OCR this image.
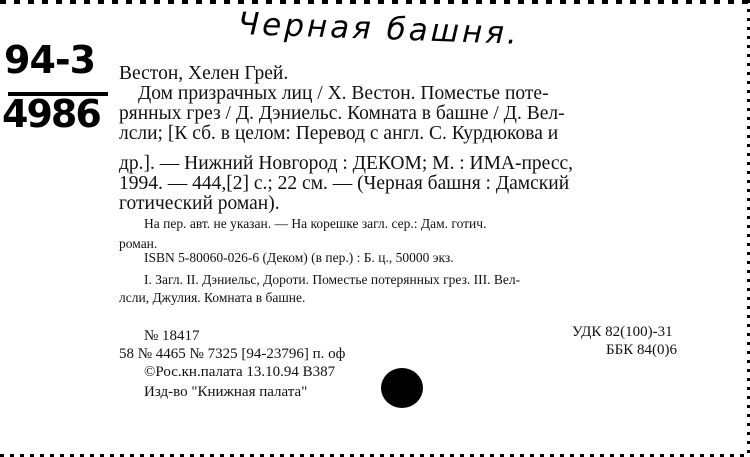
Черная башня.
94-3
4986
Вестон, Хелен Грей.
Дом призрачных лиц / Х. Вестон. Поместье поте-
рянных грез / Д. Дэниельс. Комната в башне / Д. Вел-
лсли; [К сб. в целом: Перевод с англ. С. Курдюкова и
др.]. — Нижний Новгород : ДЕКОМ; М. : ИМА-пресс,
1994. — 444,[2] с.; 22 см. — (Черная башня : Дамский
готический роман).
На пер. авт. не указан. — На корешке загл. сер.: Дам. готич.
роман.
ISBN 5-80060-026-6 (Деком) (в пер.) : Б. ц., 50000 экз.
I. Загл. II. Дэниельс, Дороти. Поместье потерянных грез. III. Вел-
лсли, Джулия. Комната в башне.
№ 18417
58 № 4465 № 7325 [94-23796] п. оф
©Рос.кн.палата 13.10.94 В387
Изд-во "Книжная палата"
УДК 82(100)-31
ББК 84(0)6
